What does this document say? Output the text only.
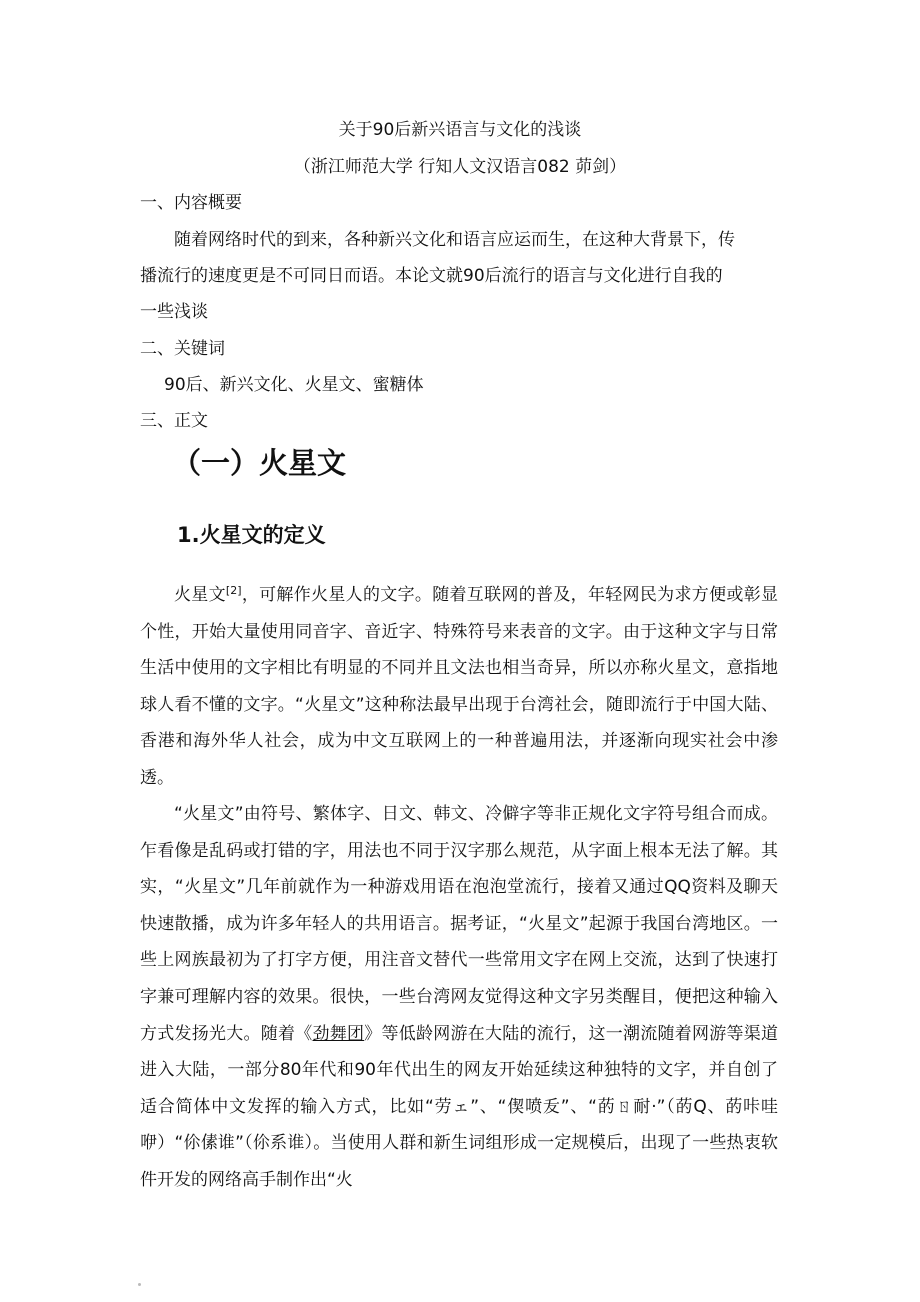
关于90后新兴语言与文化的浅谈
（浙江师范大学 行知人文汉语言082 茆剑）
一、内容概要
随着网络时代的到来，各种新兴文化和语言应运而生，在这种大背景下，传
播流行的速度更是不可同日而语。本论文就90后流行的语言与文化进行自我的
一些浅谈
二、关键词
90后、新兴文化、火星文、蜜糖体
三、正文
（一）火星文
1.火星文的定义
火星文[2]，可解作火星人的文字。随着互联网的普及，年轻网民为求方便或彰显个性，开始大量使用同音字、音近字、特殊符号来表音的文字。由于这种文字与日常生活中使用的文字相比有明显的不同并且文法也相当奇异，所以亦称火星文，意指地球人看不懂的文字。“火星文”这种称法最早出现于台湾社会，随即流行于中国大陆、香港和海外华人社会，成为中文互联网上的一种普遍用法，并逐渐向现实社会中渗透。
“火星文”由符号、繁体字、日文、韩文、冷僻字等非正规化文字符号组合而成。乍看像是乱码或打错的字，用法也不同于汉字那么规范，从字面上根本无法了解。其实，“火星文”几年前就作为一种游戏用语在泡泡堂流行，接着又通过QQ资料及聊天快速散播，成为许多年轻人的共用语言。据考证，“火星文”起源于我国台湾地区。一些上网族最初为了打字方便，用注音文替代一些常用文字在网上交流，达到了快速打字兼可理解内容的效果。很快，一些台湾网友觉得这种文字另类醒目，便把这种输入方式发扬光大。随着《劲舞团》等低龄网游在大陆的流行，这一潮流随着网游等渠道进入大陆，一部分80年代和90年代出生的网友开始延续这种独特的文字，并自创了适合简体中文发挥的输入方式，比如“劳ェ”、“偰喷叐”、“菂ㄖ耐·”（菂Q、菂咔哇咿）“伱傃谁”（伱系谁）。当使用人群和新生词组形成一定规模后，出现了一些热衷软件开发的网络高手制作出“火
